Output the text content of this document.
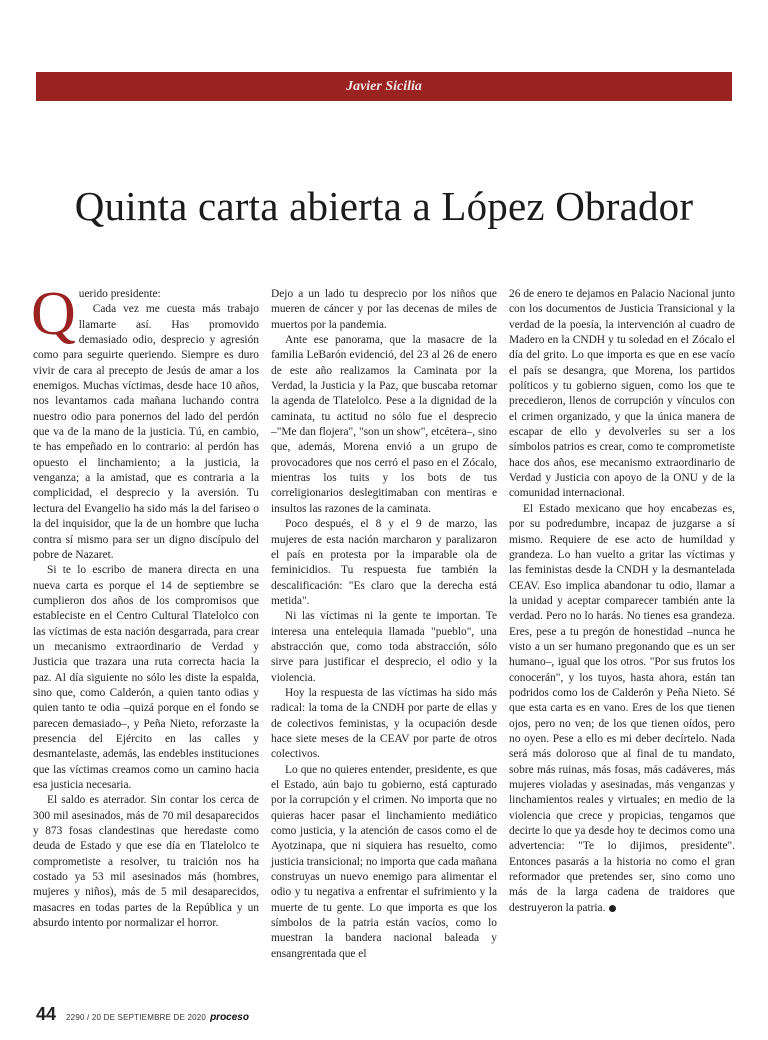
Javier Sicilia
Quinta carta abierta a López Obrador

Querido presidente:

Cada vez me cuesta más trabajo llamarte así. Has promovido demasiado odio, desprecio y agresión como para seguirte queriendo. Siempre es duro vivir de cara al precepto de Jesús de amar a los enemigos. Muchas víctimas, desde hace 10 años, nos levantamos cada mañana luchando contra nuestro odio para ponernos del lado del perdón que va de la mano de la justicia. Tú, en cambio, te has empeñado en lo contrario: al perdón has opuesto el linchamiento; a la justicia, la venganza; a la amistad, que es contraria a la complicidad, el desprecio y la aversión. Tu lectura del Evangelio ha sido más la del fariseo o la del inquisidor, que la de un hombre que lucha contra sí mismo para ser un digno discípulo del pobre de Nazaret.

Si te lo escribo de manera directa en una nueva carta es porque el 14 de septiembre se cumplieron dos años de los compromisos que estableciste en el Centro Cultural Tlatelolco con las víctimas de esta nación desgarrada, para crear un mecanismo extraordinario de Verdad y Justicia que trazara una ruta correcta hacia la paz. Al día siguiente no sólo les diste la espalda, sino que, como Calderón, a quien tanto odias y quien tanto te odia –quizá porque en el fondo se parecen demasiado–, y Peña Nieto, reforzaste la presencia del Ejército en las calles y desmantelaste, además, las endebles instituciones que las víctimas creamos como un camino hacia esa justicia necesaria.

El saldo es aterrador. Sin contar los cerca de 300 mil asesinados, más de 70 mil desaparecidos y 873 fosas clandestinas que heredaste como deuda de Estado y que ese día en Tlatelolco te comprometiste a resolver, tu traición nos ha costado ya 53 mil asesinados más (hombres, mujeres y niños), más de 5 mil desaparecidos, masacres en todas partes de la República y un absurdo intento por normalizar el horror.

Dejo a un lado tu desprecio por los niños que mueren de cáncer y por las decenas de miles de muertos por la pandemia.

Ante ese panorama, que la masacre de la familia LeBarón evidenció, del 23 al 26 de enero de este año realizamos la Caminata por la Verdad, la Justicia y la Paz, que buscaba retomar la agenda de Tlatelolco. Pese a la dignidad de la caminata, tu actitud no sólo fue el desprecio –"Me dan flojera", "son un show", etcétera–, sino que, además, Morena envió a un grupo de provocadores que nos cerró el paso en el Zócalo, mientras los tuits y los bots de tus correligionarios deslegitimaban con mentiras e insultos las razones de la caminata.

Poco después, el 8 y el 9 de marzo, las mujeres de esta nación marcharon y paralizaron el país en protesta por la imparable ola de feminicidios. Tu respuesta fue también la descalificación: "Es claro que la derecha está metida".

Ni las víctimas ni la gente te importan. Te interesa una entelequia llamada "pueblo", una abstracción que, como toda abstracción, sólo sirve para justificar el desprecio, el odio y la violencia.

Hoy la respuesta de las víctimas ha sido más radical: la toma de la CNDH por parte de ellas y de colectivos feministas, y la ocupación desde hace siete meses de la CEAV por parte de otros colectivos.

Lo que no quieres entender, presidente, es que el Estado, aún bajo tu gobierno, está capturado por la corrupción y el crimen. No importa que no quieras hacer pasar el linchamiento mediático como justicia, y la atención de casos como el de Ayotzinapa, que ni siquiera has resuelto, como justicia transicional; no importa que cada mañana construyas un nuevo enemigo para alimentar el odio y tu negativa a enfrentar el sufrimiento y la muerte de tu gente. Lo que importa es que los símbolos de la patria están vacíos, como lo muestran la bandera nacional baleada y ensangrentada que el

26 de enero te dejamos en Palacio Nacional junto con los documentos de Justicia Transicional y la verdad de la poesía, la intervención al cuadro de Madero en la CNDH y tu soledad en el Zócalo el día del grito. Lo que importa es que en ese vacío el país se desangra, que Morena, los partidos políticos y tu gobierno siguen, como los que te precedieron, llenos de corrupción y vínculos con el crimen organizado, y que la única manera de escapar de ello y devolverles su ser a los símbolos patrios es crear, como te comprometiste hace dos años, ese mecanismo extraordinario de Verdad y Justicia con apoyo de la ONU y de la comunidad internacional.

El Estado mexicano que hoy encabezas es, por su podredumbre, incapaz de juzgarse a sí mismo. Requiere de ese acto de humildad y grandeza. Lo han vuelto a gritar las víctimas y las feministas desde la CNDH y la desmantelada CEAV. Eso implica abandonar tu odio, llamar a la unidad y aceptar comparecer también ante la verdad. Pero no lo harás. No tienes esa grandeza. Eres, pese a tu pregón de honestidad –nunca he visto a un ser humano pregonando que es un ser humano–, igual que los otros. "Por sus frutos los conocerán", y los tuyos, hasta ahora, están tan podridos como los de Calderón y Peña Nieto. Sé que esta carta es en vano. Eres de los que tienen ojos, pero no ven; de los que tienen oídos, pero no oyen. Pese a ello es mi deber decírtelo. Nada será más doloroso que al final de tu mandato, sobre más ruinas, más fosas, más cadáveres, más mujeres violadas y asesinadas, más venganzas y linchamientos reales y virtuales; en medio de la violencia que crece y propicias, tengamos que decirte lo que ya desde hoy te decimos como una advertencia: "Te lo dijimos, presidente". Entonces pasarás a la historia no como el gran reformador que pretendes ser, sino como uno más de la larga cadena de traidores que destruyeron la patria.

44 2290 / 20 DE SEPTIEMBRE DE 2020 proceso
